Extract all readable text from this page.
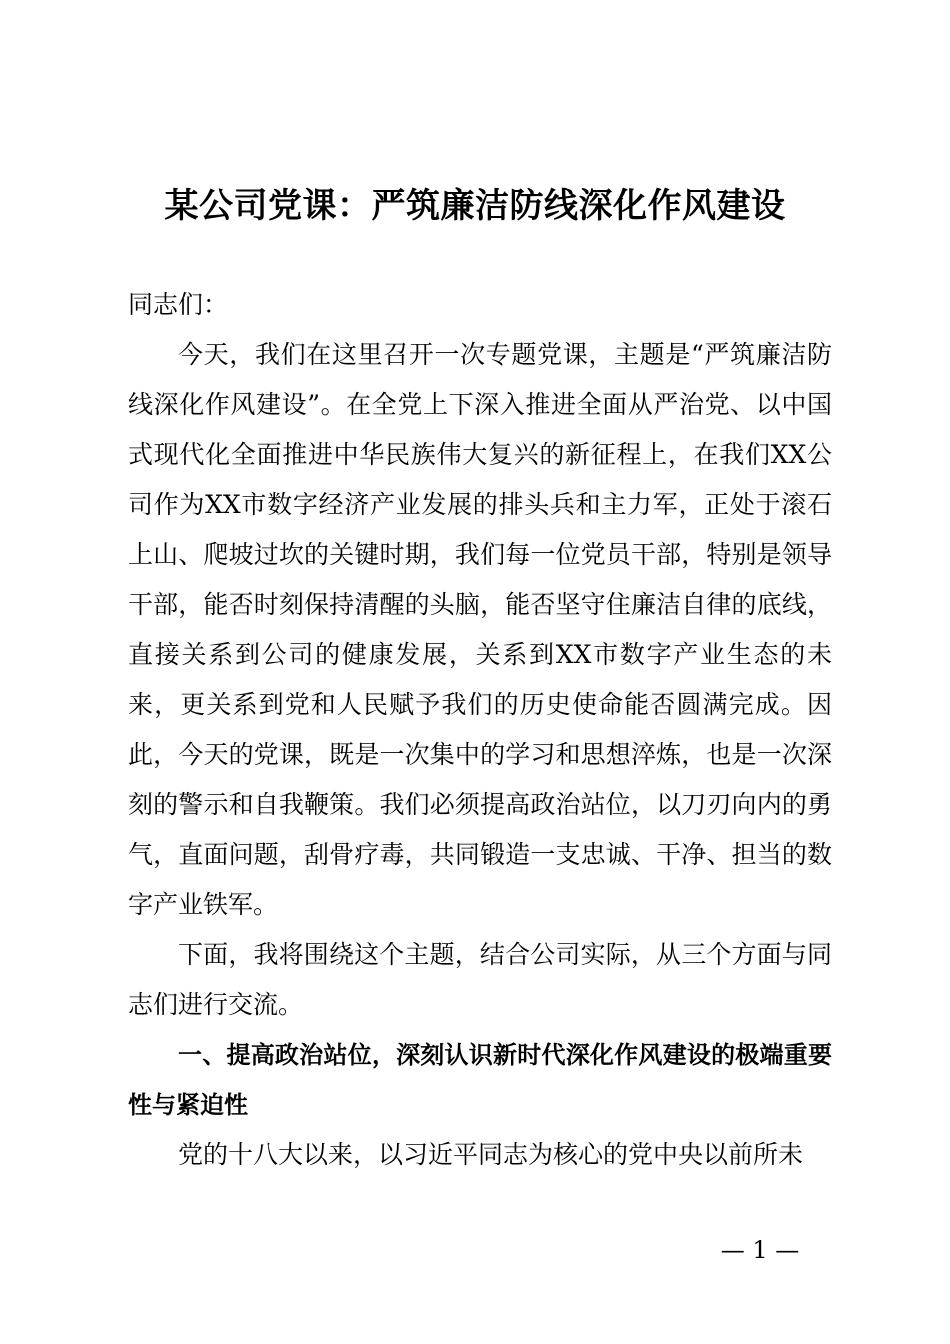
某公司党课：严筑廉洁防线深化作风建设

同志们：

今天，我们在这里召开一次专题党课，主题是“严筑廉洁防线深化作风建设”。在全党上下深入推进全面从严治党、以中国式现代化全面推进中华民族伟大复兴的新征程上，在我们XX公司作为XX市数字经济产业发展的排头兵和主力军，正处于滚石上山、爬坡过坎的关键时期，我们每一位党员干部，特别是领导干部，能否时刻保持清醒的头脑，能否坚守住廉洁自律的底线，直接关系到公司的健康发展，关系到XX市数字产业生态的未来，更关系到党和人民赋予我们的历史使命能否圆满完成。因此，今天的党课，既是一次集中的学习和思想淬炼，也是一次深刻的警示和自我鞭策。我们必须提高政治站位，以刀刃向内的勇气，直面问题，刮骨疗毒，共同锻造一支忠诚、干净、担当的数字产业铁军。

下面，我将围绕这个主题，结合公司实际，从三个方面与同志们进行交流。

一、提高政治站位，深刻认识新时代深化作风建设的极端重要性与紧迫性

党的十八大以来，以习近平同志为核心的党中央以前所未

— 1 —
